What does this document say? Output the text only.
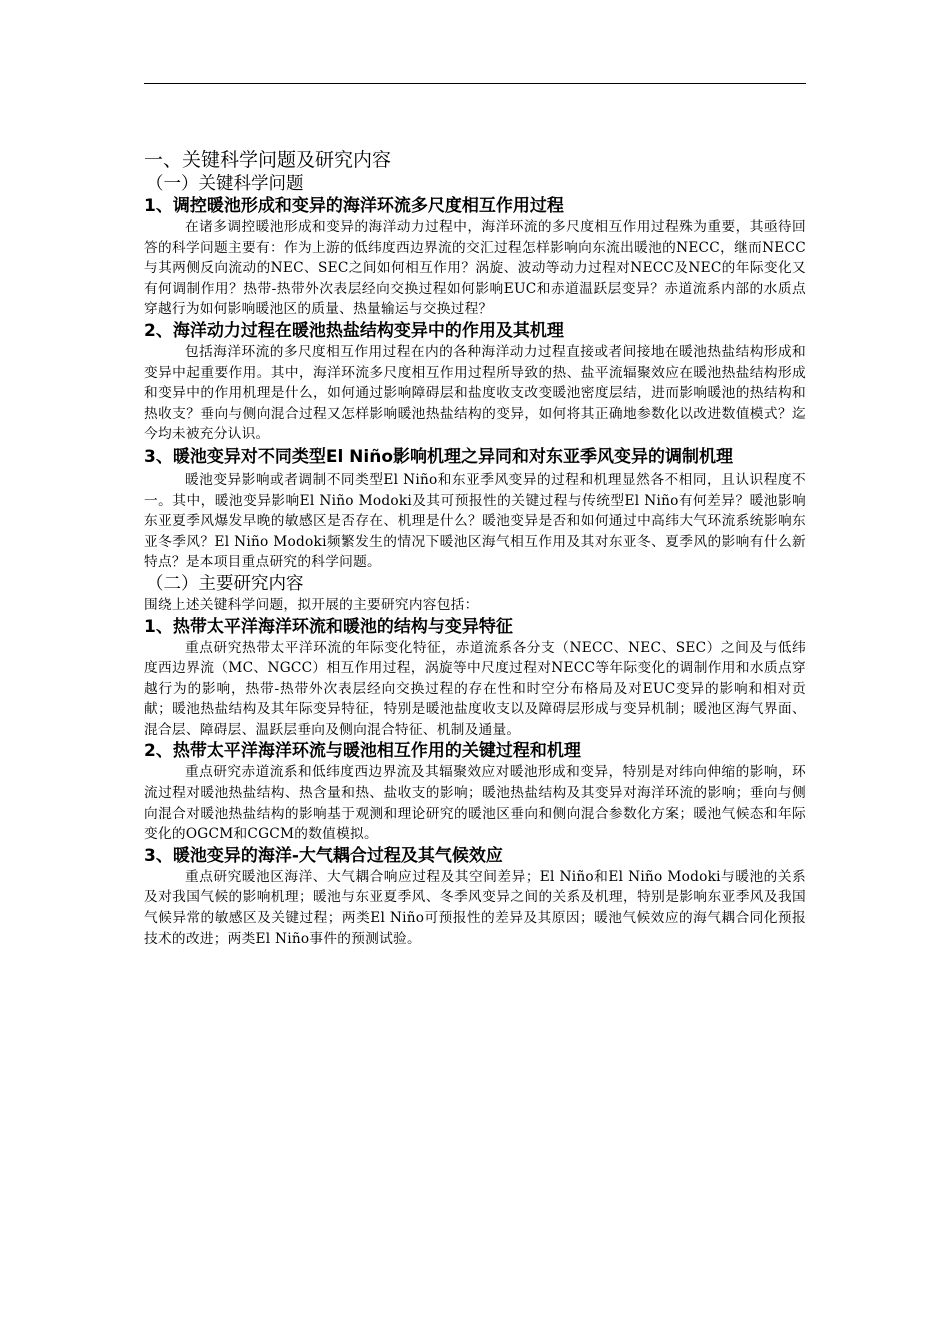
一、关键科学问题及研究内容
（一）关键科学问题
1、调控暖池形成和变异的海洋环流多尺度相互作用过程

在诸多调控暖池形成和变异的海洋动力过程中，海洋环流的多尺度相互作用过程殊为重要，其亟待回答的科学问题主要有：作为上游的低纬度西边界流的交汇过程怎样影响向东流出暖池的NECC，继而NECC与其两侧反向流动的NEC、SEC之间如何相互作用？涡旋、波动等动力过程对NECC及NEC的年际变化又有何调制作用？热带-热带外次表层经向交换过程如何影响EUC和赤道温跃层变异？赤道流系内部的水质点穿越行为如何影响暖池区的质量、热量输运与交换过程？

2、海洋动力过程在暖池热盐结构变异中的作用及其机理

包括海洋环流的多尺度相互作用过程在内的各种海洋动力过程直接或者间接地在暖池热盐结构形成和变异中起重要作用。其中，海洋环流多尺度相互作用过程所导致的热、盐平流辐聚效应在暖池热盐结构形成和变异中的作用机理是什么，如何通过影响障碍层和盐度收支改变暖池密度层结，进而影响暖池的热结构和热收支？垂向与侧向混合过程又怎样影响暖池热盐结构的变异，如何将其正确地参数化以改进数值模式？迄今均未被充分认识。

3、暖池变异对不同类型El Niño影响机理之异同和对东亚季风变异的调制机理

暖池变异影响或者调制不同类型El Niño和东亚季风变异的过程和机理显然各不相同，且认识程度不一。其中，暖池变异影响El Niño Modoki及其可预报性的关键过程与传统型El Niño有何差异？暖池影响东亚夏季风爆发早晚的敏感区是否存在、机理是什么？暖池变异是否和如何通过中高纬大气环流系统影响东亚冬季风？El Niño Modoki频繁发生的情况下暖池区海气相互作用及其对东亚冬、夏季风的影响有什么新特点？是本项目重点研究的科学问题。

（二）主要研究内容

围绕上述关键科学问题，拟开展的主要研究内容包括：

1、热带太平洋海洋环流和暖池的结构与变异特征

重点研究热带太平洋环流的年际变化特征，赤道流系各分支（NECC、NEC、SEC）之间及与低纬度西边界流（MC、NGCC）相互作用过程，涡旋等中尺度过程对NECC等年际变化的调制作用和水质点穿越行为的影响，热带-热带外次表层经向交换过程的存在性和时空分布格局及对EUC变异的影响和相对贡献；暖池热盐结构及其年际变异特征，特别是暖池盐度收支以及障碍层形成与变异机制；暖池区海气界面、混合层、障碍层、温跃层垂向及侧向混合特征、机制及通量。

2、热带太平洋海洋环流与暖池相互作用的关键过程和机理

重点研究赤道流系和低纬度西边界流及其辐聚效应对暖池形成和变异，特别是对纬向伸缩的影响，环流过程对暖池热盐结构、热含量和热、盐收支的影响；暖池热盐结构及其变异对海洋环流的影响；垂向与侧向混合对暖池热盐结构的影响基于观测和理论研究的暖池区垂向和侧向混合参数化方案；暖池气候态和年际变化的OGCM和CGCM的数值模拟。

3、暖池变异的海洋-大气耦合过程及其气候效应

重点研究暖池区海洋、大气耦合响应过程及其空间差异；El Niño和El Niño Modoki与暖池的关系及对我国气候的影响机理；暖池与东亚夏季风、冬季风变异之间的关系及机理，特别是影响东亚季风及我国气候异常的敏感区及关键过程；两类El Niño可预报性的差异及其原因；暖池气候效应的海气耦合同化预报技术的改进；两类El Niño事件的预测试验。
